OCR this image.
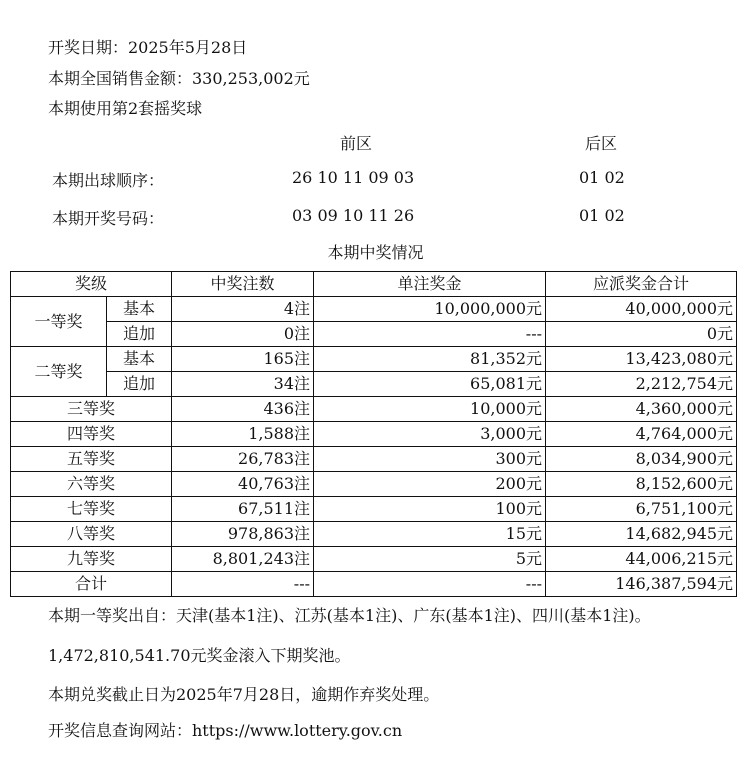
开奖日期：2025年5月28日
本期全国销售金额：330,253,002元
本期使用第2套摇奖球
前区	后区
本期出球顺序：	26 10 11 09 03	01 02
本期开奖号码：	03 09 10 11 26	01 02
本期中奖情况
奖级		中奖注数	单注奖金	应派奖金合计
一等奖	基本	4注	10,000,000元	40,000,000元
	追加	0注	---	0元
二等奖	基本	165注	81,352元	13,423,080元
	追加	34注	65,081元	2,212,754元
三等奖		436注	10,000元	4,360,000元
四等奖		1,588注	3,000元	4,764,000元
五等奖		26,783注	300元	8,034,900元
六等奖		40,763注	200元	8,152,600元
七等奖		67,511注	100元	6,751,100元
八等奖		978,863注	15元	14,682,945元
九等奖		8,801,243注	5元	44,006,215元
合计		---	---	146,387,594元
本期一等奖出自：天津(基本1注)、江苏(基本1注)、广东(基本1注)、四川(基本1注)。
1,472,810,541.70元奖金滚入下期奖池。
本期兑奖截止日为2025年7月28日，逾期作弃奖处理。
开奖信息查询网站：https://www.lottery.gov.cn
